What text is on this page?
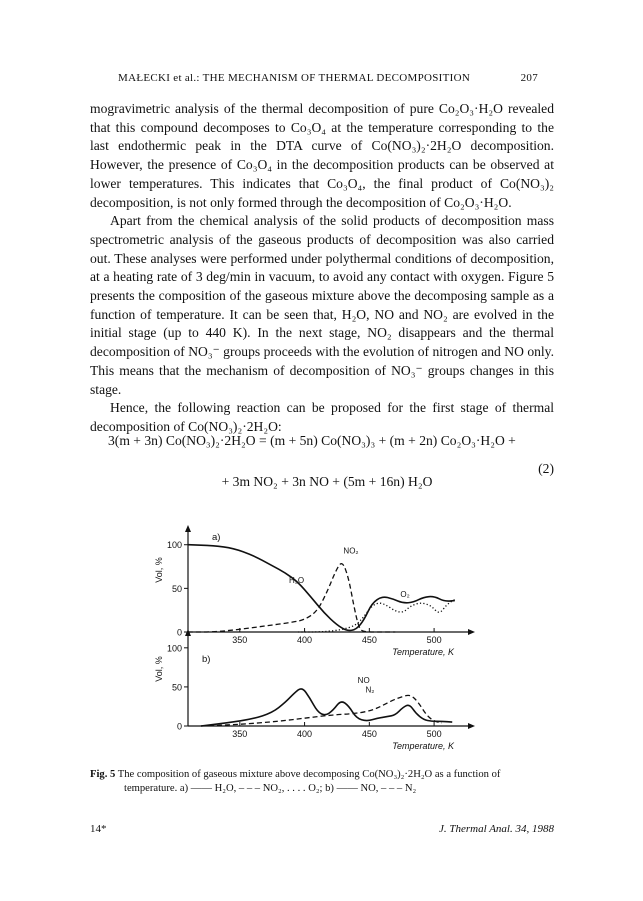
MAŁECKI et al.: THE MECHANISM OF THERMAL DECOMPOSITION	207

mogravimetric analysis of the thermal decomposition of pure Co₂O₃·H₂O revealed that this compound decomposes to Co₃O₄ at the temperature corresponding to the last endothermic peak in the DTA curve of Co(NO₃)₂·2H₂O decomposition. However, the presence of Co₃O₄ in the decomposition products can be observed at lower temperatures. This indicates that Co₃O₄, the final product of Co(NO₃)₂ decomposition, is not only formed through the decomposition of Co₂O₃·H₂O.

Apart from the chemical analysis of the solid products of decomposition mass spectrometric analysis of the gaseous products of decomposition was also carried out. These analyses were performed under polythermal conditions of decomposition, at a heating rate of 3 deg/min in vacuum, to avoid any contact with oxygen. Figure 5 presents the composition of the gaseous mixture above the decomposing sample as a function of temperature. It can be seen that, H₂O, NO and NO₂ are evolved in the initial stage (up to 440 K). In the next stage, NO₂ disappears and the thermal decomposition of NO₃⁻ groups proceeds with the evolution of nitrogen and NO only. This means that the mechanism of decomposition of NO₃⁻ groups changes in this stage.

Hence, the following reaction can be proposed for the first stage of thermal decomposition of Co(NO₃)₂·2H₂O:

3(m + 3n) Co(NO₃)₂·2H₂O = (m + 5n) Co(NO₃)₃ + (m + 2n) Co₂O₃·H₂O +
(2)
+ 3m NO₂ + 3n NO + (5m + 16n) H₂O
0
50
100
350	400	450	500
Vol, %
a)
Temperature, K
H₂O
NO₂
O₂
0
50
100
350	400	450	500
Vol, %	b)
Temperature, K
NO
N₂
Fig. 5 The composition of gaseous mixture above decomposing Co(NO₃)₂·2H₂O as a function of
temperature. a) —— H₂O, – – – NO₂, . . . . O₂; b) —— NO, – – – N₂
14*	J. Thermal Anal. 34, 1988
